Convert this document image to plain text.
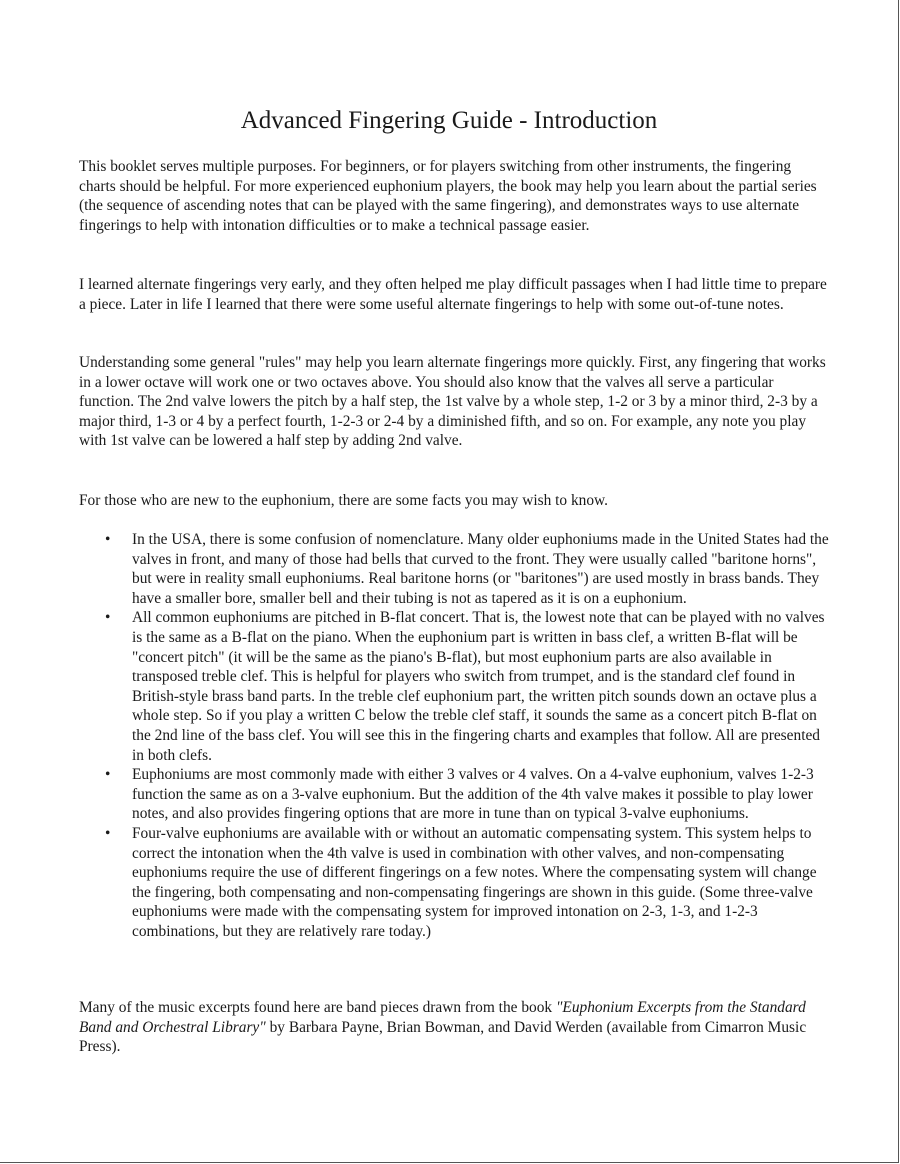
Advanced Fingering Guide - Introduction

This booklet serves multiple purposes. For beginners, or for players switching from other instruments, the fingering charts should be helpful. For more experienced euphonium players, the book may help you learn about the partial series (the sequence of ascending notes that can be played with the same fingering), and demonstrates ways to use alternate fingerings to help with intonation difficulties or to make a technical passage easier.

I learned alternate fingerings very early, and they often helped me play difficult passages when I had little time to prepare a piece. Later in life I learned that there were some useful alternate fingerings to help with some out-of-tune notes.

Understanding some general "rules" may help you learn alternate fingerings more quickly. First, any fingering that works in a lower octave will work one or two octaves above. You should also know that the valves all serve a particular function. The 2nd valve lowers the pitch by a half step, the 1st valve by a whole step, 1-2 or 3 by a minor third, 2-3 by a major third, 1-3 or 4 by a perfect fourth, 1-2-3 or 2-4 by a diminished fifth, and so on. For example, any note you play with 1st valve can be lowered a half step by adding 2nd valve.

For those who are new to the euphonium, there are some facts you may wish to know.

• In the USA, there is some confusion of nomenclature. Many older euphoniums made in the United States had the valves in front, and many of those had bells that curved to the front. They were usually called "baritone horns", but were in reality small euphoniums. Real baritone horns (or "baritones") are used mostly in brass bands. They have a smaller bore, smaller bell and their tubing is not as tapered as it is on a euphonium.
• All common euphoniums are pitched in B-flat concert. That is, the lowest note that can be played with no valves is the same as a B-flat on the piano. When the euphonium part is written in bass clef, a written B-flat will be "concert pitch" (it will be the same as the piano's B-flat), but most euphonium parts are also available in transposed treble clef. This is helpful for players who switch from trumpet, and is the standard clef found in British-style brass band parts. In the treble clef euphonium part, the written pitch sounds down an octave plus a whole step. So if you play a written C below the treble clef staff, it sounds the same as a concert pitch B-flat on the 2nd line of the bass clef. You will see this in the fingering charts and examples that follow. All are presented in both clefs.
• Euphoniums are most commonly made with either 3 valves or 4 valves. On a 4-valve euphonium, valves 1-2-3 function the same as on a 3-valve euphonium. But the addition of the 4th valve makes it possible to play lower notes, and also provides fingering options that are more in tune than on typical 3-valve euphoniums.
• Four-valve euphoniums are available with or without an automatic compensating system. This system helps to correct the intonation when the 4th valve is used in combination with other valves, and non-compensating euphoniums require the use of different fingerings on a few notes. Where the compensating system will change the fingering, both compensating and non-compensating fingerings are shown in this guide. (Some three-valve euphoniums were made with the compensating system for improved intonation on 2-3, 1-3, and 1-2-3 combinations, but they are relatively rare today.)

Many of the music excerpts found here are band pieces drawn from the book "Euphonium Excerpts from the Standard Band and Orchestral Library" by Barbara Payne, Brian Bowman, and David Werden (available from Cimarron Music Press).
